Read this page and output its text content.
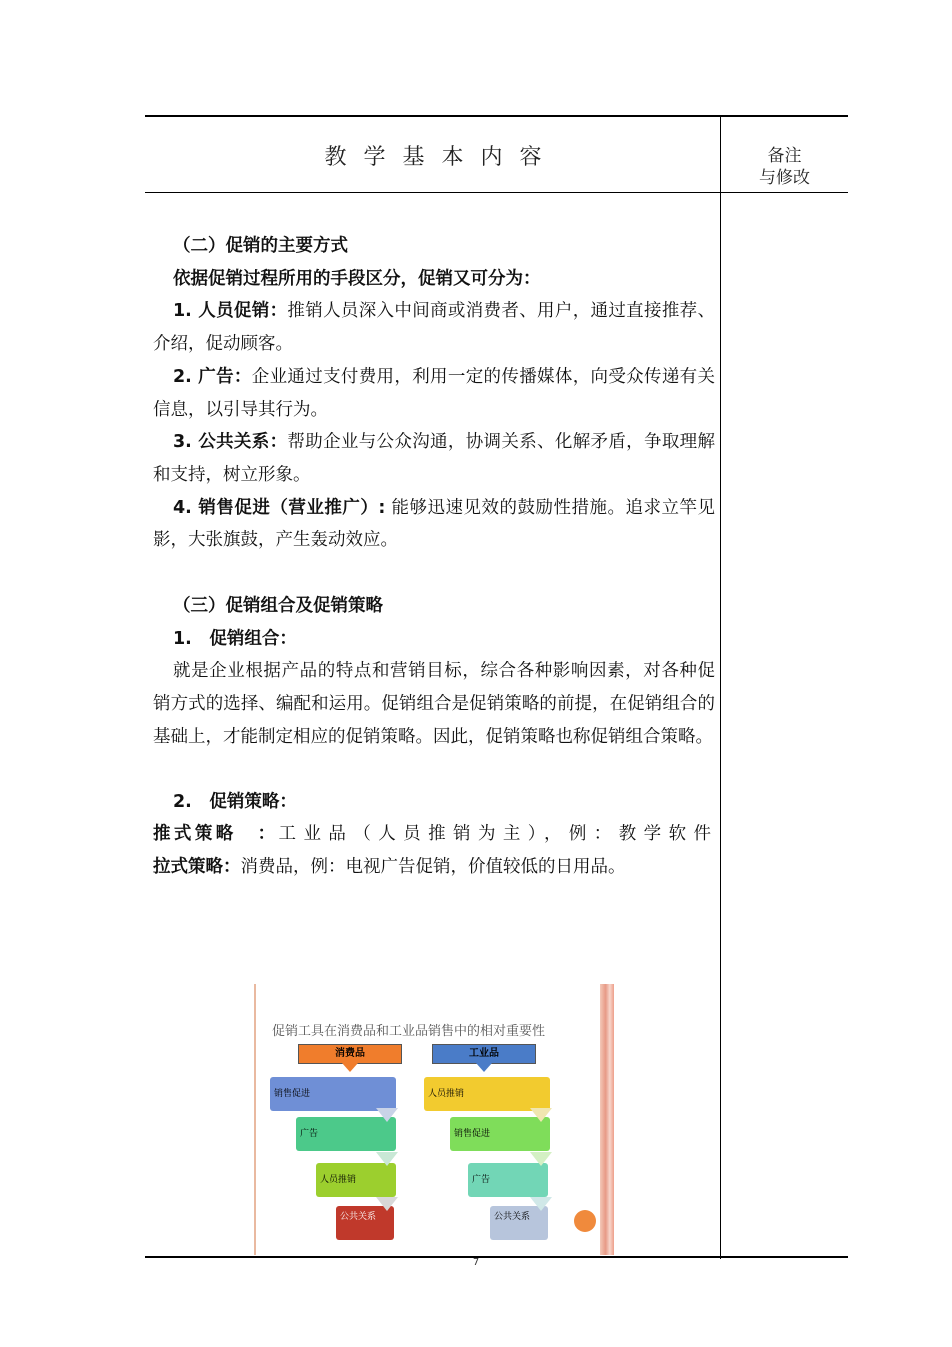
教学基本内容	备注
与修改

（二）促销的主要方式

依据促销过程所用的手段区分，促销又可分为：

1. 人员促销：推销人员深入中间商或消费者、用户，通过直接推荐、介绍，促动顾客。

2. 广告：企业通过支付费用，利用一定的传播媒体，向受众传递有关信息，以引导其行为。

3. 公共关系：帮助企业与公众沟通，协调关系、化解矛盾，争取理解和支持，树立形象。

4. 销售促进（营业推广）: 能够迅速见效的鼓励性措施。追求立竿见影，大张旗鼓，产生轰动效应。

（三）促销组合及促销策略

1.　促销组合：

就是企业根据产品的特点和营销目标，综合各种影响因素，对各种促销方式的选择、编配和运用。促销组合是促销策略的前提，在促销组合的基础上，才能制定相应的促销策略。因此，促销策略也称促销组合策略。

2.　促销策略：

推式策略　：工业品（人员推销为主），例：教学软件

拉式策略：消费品，例：电视广告促销，价值较低的日用品。

促销工具在消费品和工业品销售中的相对重要性
消费品	工业品
销售促进
广告
人员推销
公共关系
人员推销
销售促进
广告
公共关系
7
